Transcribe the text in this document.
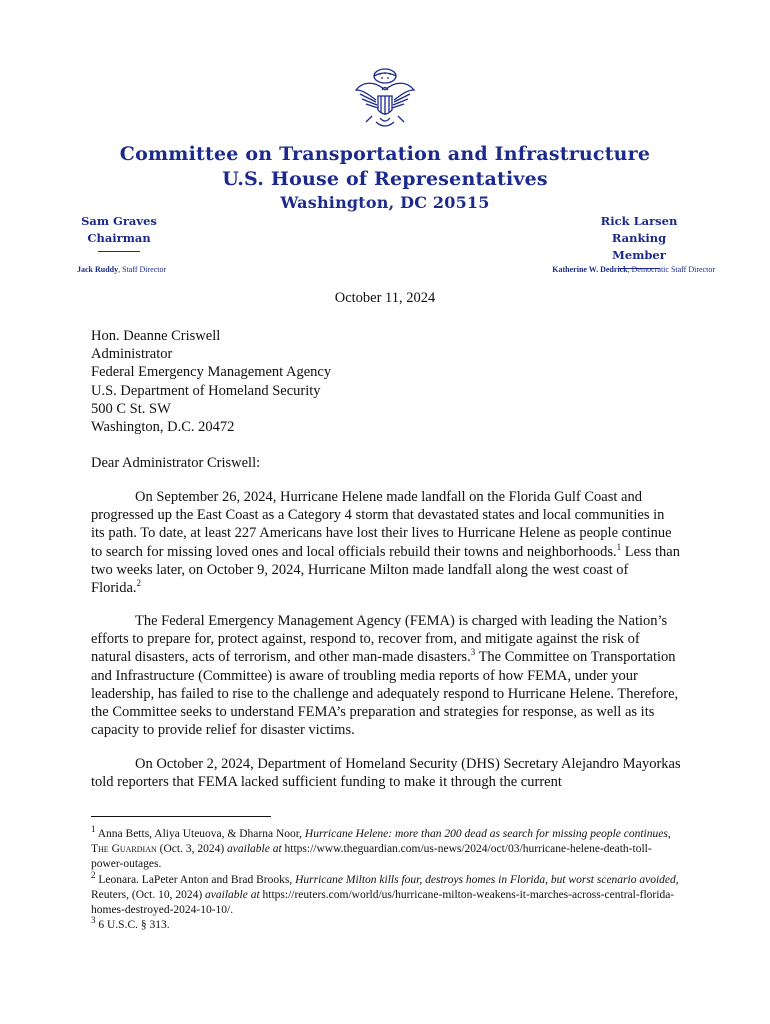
Committee on Transportation and Infrastructure
U.S. House of Representatives
Washington, DC 20515
Sam Graves
Chairman
Rick Larsen
Ranking Member
Jack Ruddy, Staff Director	Katherine W. Dedrick, Democratic Staff Director
October 11, 2024
Hon. Deanne Criswell
Administrator
Federal Emergency Management Agency
U.S. Department of Homeland Security
500 C St. SW
Washington, D.C. 20472
Dear Administrator Criswell:

On September 26, 2024, Hurricane Helene made landfall on the Florida Gulf Coast and progressed up the East Coast as a Category 4 storm that devastated states and local communities in its path. To date, at least 227 Americans have lost their lives to Hurricane Helene as people continue to search for missing loved ones and local officials rebuild their towns and neighborhoods.$^1$ Less than two weeks later, on October 9, 2024, Hurricane Milton made landfall along the west coast of Florida.$^2$

The Federal Emergency Management Agency (FEMA) is charged with leading the Nation’s efforts to prepare for, protect against, respond to, recover from, and mitigate against the risk of natural disasters, acts of terrorism, and other man-made disasters.$^3$ The Committee on Transportation and Infrastructure (Committee) is aware of troubling media reports of how FEMA, under your leadership, has failed to rise to the challenge and adequately respond to Hurricane Helene. Therefore, the Committee seeks to understand FEMA’s preparation and strategies for response, as well as its capacity to provide relief for disaster victims.

On October 2, 2024, Department of Homeland Security (DHS) Secretary Alejandro Mayorkas told reporters that FEMA lacked sufficient funding to make it through the current

$^1$ Anna Betts, Aliya Uteuova, & Dharna Noor, Hurricane Helene: more than 200 dead as search for missing people continues, The Guardian (Oct. 3, 2024) available at https://www.theguardian.com/us-news/2024/oct/03/hurricane-helene-death-toll-power-outages.

$^2$ Leonara. LaPeter Anton and Brad Brooks, Hurricane Milton kills four, destroys homes in Florida, but worst scenario avoided, Reuters, (Oct. 10, 2024) available at https://reuters.com/world/us/hurricane-milton-weakens-it-marches-across-central-florida-homes-destroyed-2024-10-10/.

$^3$ 6 U.S.C. § 313.
